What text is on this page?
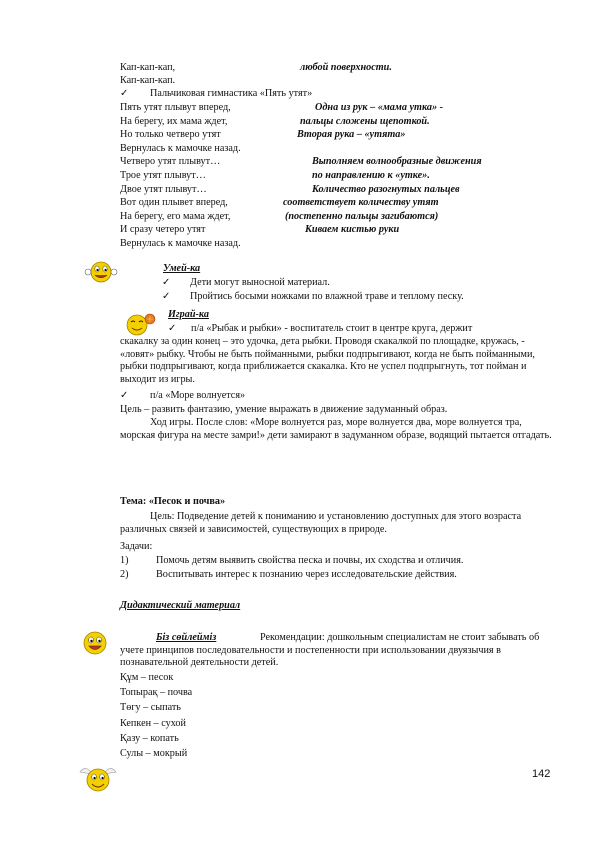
Кап-кап-кап,	любой поверхности.
Кап-кап-кап.
✓ Пальчиковая гимнастика «Пять утят»
Пять утят плывут вперед,	Одна из рук – «мама утка» -
На берегу, их мама ждет,	пальцы сложены щепоткой.
Но только четверо утят	Вторая рука – «утята»
Вернулась к мамочке назад.
Четверо утят плывут…	Выполняем волнообразные движения
Трое утят плывут…	по направлению к «утке».
Двое утят плывут…	Количество разогнутых пальцев
Вот один плывет вперед,	соответствует количеству утят
На берегу, его мама ждет,	(постепенно пальцы загибаются)
И сразу четеро утят	Киваем кистью руки
Вернулась к мамочке назад.
Умей-ка
✓ Дети могут выносной материал.
✓ Пройтись босыми ножками по влажной траве и теплому песку.
Играй-ка
✓ п/а «Рыбак и рыбки» - воспитатель стоит в центре круга, держит
скакалку за один конец – это удочка, дета рыбки. Проводя скакалкой по площадке, кружась, - «ловят» рыбку. Чтобы не быть пойманными, рыбки подпрыгивают, когда не быть пойманными, рыбки подпрыгивают, когда приближается скакалка. Кто не успел подпрыгнуть, тот пойман и выходит из игры.
✓ п/а «Море волнуется»
Цель – развить фантазию, умение выражать в движение задуманный образ.
Ход игры. После слов: «Море волнуется раз, море волнуется два, море волнуется тра, морская фигура на месте замри!» дети замирают в задуманном образе, водящий пытается отгадать.
Тема: «Песок и почва»
Цель: Подведение детей к пониманию и установлению доступных для этого возраста различных связей и зависимостей, существующих в природе.
Задачи:
1)	Помочь детям выявить свойства песка и почвы, их сходства и отличия.
2)	Воспитывать интерес к познанию через исследовательские действия.
Дидактический материал
Біз сөйлейміз	Рекомендации: дошкольным специалистам не стоит забывать об учете принципов последовательности и постепенности при использовании двуязычия в познавательной деятельности детей.
Құм – песок
Топырақ – почва
Төгу – сыпать
Кепкен – сухой
Қазу – копать
Сулы – мокрый
142
